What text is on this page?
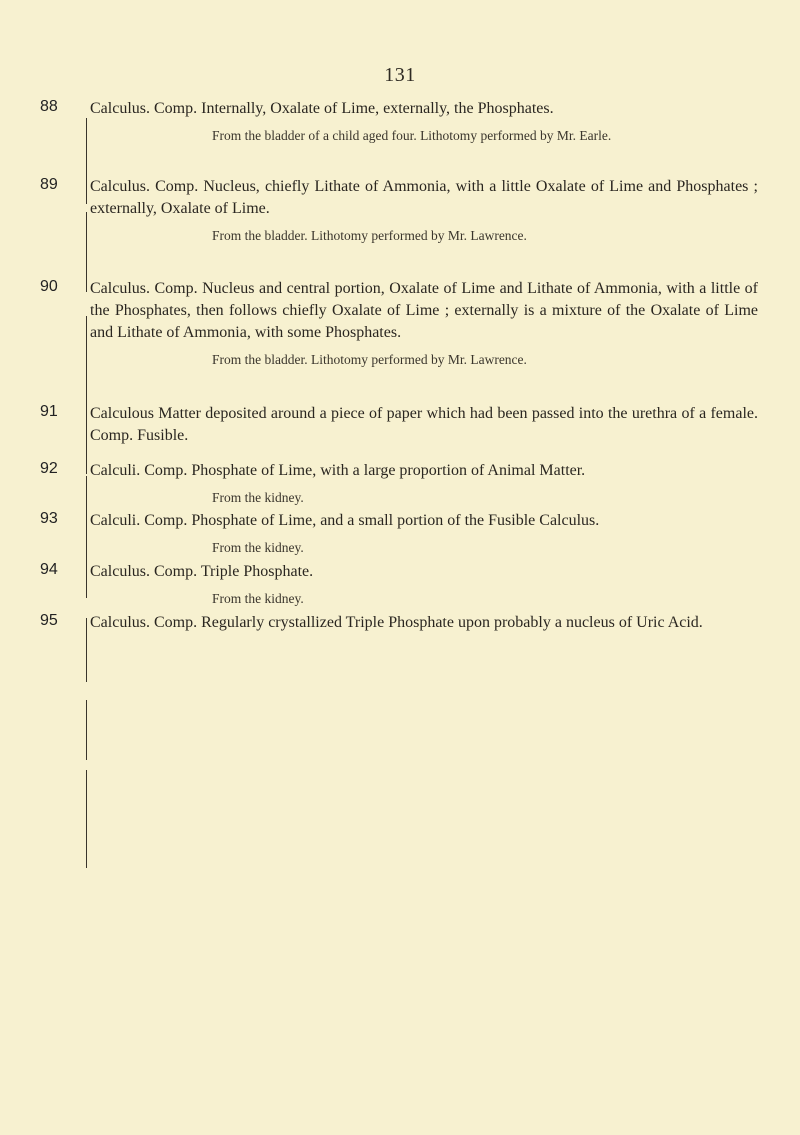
131
88 Calculus. Comp. Internally, Oxalate of Lime, externally, the Phosphates.

From the bladder of a child aged four. Lithotomy performed by Mr. Earle.

89 Calculus. Comp. Nucleus, chiefly Lithate of Ammonia, with a little Oxalate of Lime and Phosphates ; externally, Oxalate of Lime.

From the bladder. Lithotomy performed by Mr. Lawrence.

90 Calculus. Comp. Nucleus and central portion, Oxalate of Lime and Lithate of Ammonia, with a little of the Phosphates, then follows chiefly Oxalate of Lime ; externally is a mixture of the Oxalate of Lime and Lithate of Ammonia, with some Phosphates.

From the bladder. Lithotomy performed by Mr. Lawrence.

91 Calculous Matter deposited around a piece of paper which had been passed into the urethra of a female. Comp. Fusible.

92 Calculi. Comp. Phosphate of Lime, with a large proportion of Animal Matter.

From the kidney.

93 Calculi. Comp. Phosphate of Lime, and a small portion of the Fusible Calculus.

From the kidney.

94 Calculus. Comp. Triple Phosphate.

From the kidney.

95 Calculus. Comp. Regularly crystallized Triple Phosphate upon probably a nucleus of Uric Acid.
